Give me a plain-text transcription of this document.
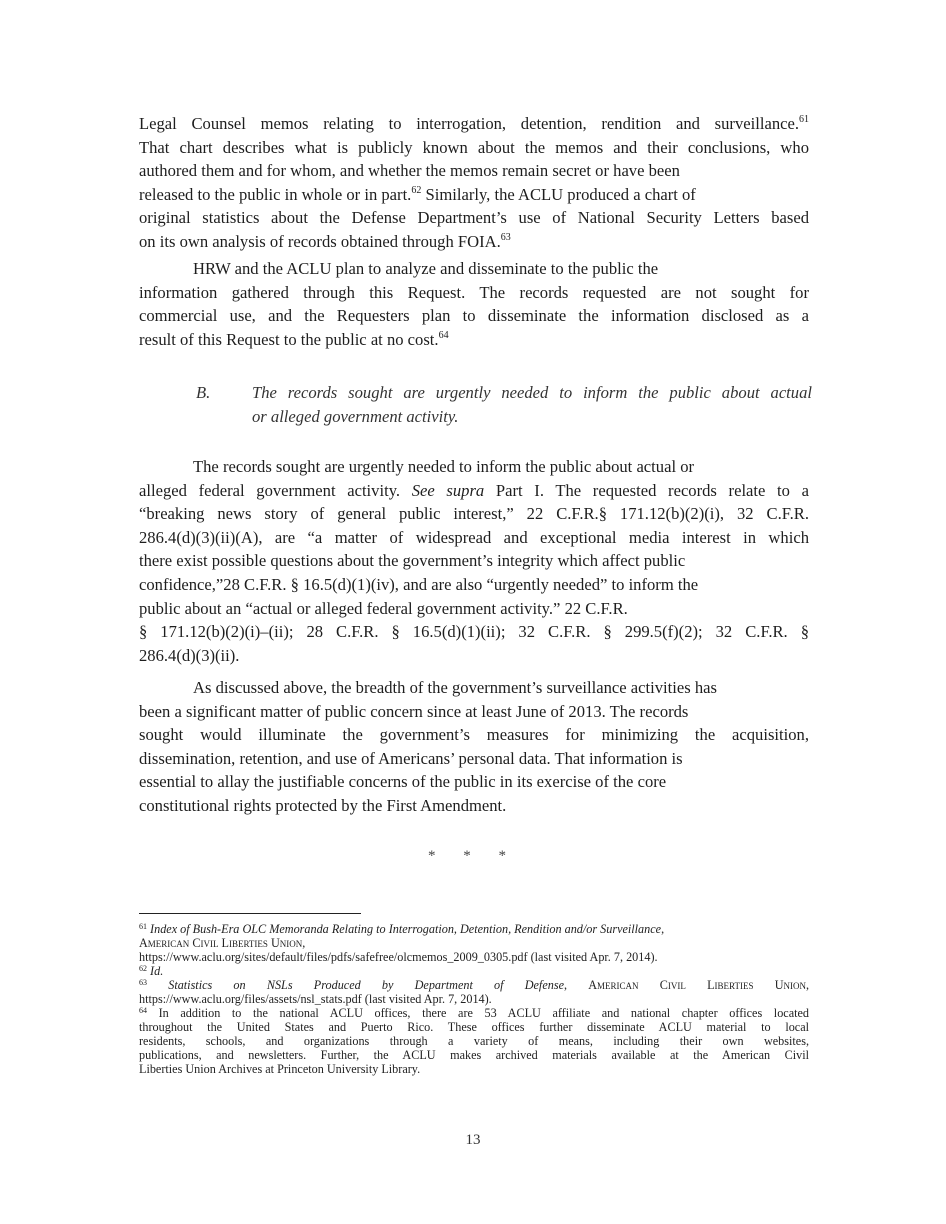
Legal Counsel memos relating to interrogation, detention, rendition and surveillance.$^{61}$
That chart describes what is publicly known about the memos and their conclusions, who
authored them and for whom, and whether the memos remain secret or have been
released to the public in whole or in part.$^{62}$ Similarly, the ACLU produced a chart of
original statistics about the Defense Department’s use of National Security Letters based
on its own analysis of records obtained through FOIA.$^{63}$
HRW and the ACLU plan to analyze and disseminate to the public the
information gathered through this Request. The records requested are not sought for
commercial use, and the Requesters plan to disseminate the information disclosed as a
result of this Request to the public at no cost.$^{64}$
B.	The records sought are urgently needed to inform the public about actual
or alleged government activity.
The records sought are urgently needed to inform the public about actual or
alleged federal government activity. See supra Part I. The requested records relate to a
“breaking news story of general public interest,” 22 C.F.R.§ 171.12(b)(2)(i), 32 C.F.R.
286.4(d)(3)(ii)(A), are “a matter of widespread and exceptional media interest in which
there exist possible questions about the government’s integrity which affect public
confidence,”28 C.F.R. § 16.5(d)(1)(iv), and are also “urgently needed” to inform the
public about an “actual or alleged federal government activity.” 22 C.F.R.
§ 171.12(b)(2)(i)–(ii); 28 C.F.R. § 16.5(d)(1)(ii); 32 C.F.R. § 299.5(f)(2); 32 C.F.R. §
286.4(d)(3)(ii).
As discussed above, the breadth of the government’s surveillance activities has
been a significant matter of public concern since at least June of 2013. The records
sought would illuminate the government’s measures for minimizing the acquisition,
dissemination, retention, and use of Americans’ personal data. That information is
essential to allay the justifiable concerns of the public in its exercise of the core
constitutional rights protected by the First Amendment.
* * *
$^{61}$ Index of Bush-Era OLC Memoranda Relating to Interrogation, Detention, Rendition and/or Surveillance,
American Civil Liberties Union,
https://www.aclu.org/sites/default/files/pdfs/safefree/olcmemos_2009_0305.pdf (last visited Apr. 7, 2014).
$^{62}$ Id.
$^{63}$ Statistics on NSLs Produced by Department of Defense, American Civil Liberties Union,
https://www.aclu.org/files/assets/nsl_stats.pdf (last visited Apr. 7, 2014).
$^{64}$ In addition to the national ACLU offices, there are 53 ACLU affiliate and national chapter offices located
throughout the United States and Puerto Rico. These offices further disseminate ACLU material to local
residents, schools, and organizations through a variety of means, including their own websites,
publications, and newsletters. Further, the ACLU makes archived materials available at the American Civil
Liberties Union Archives at Princeton University Library.
13
